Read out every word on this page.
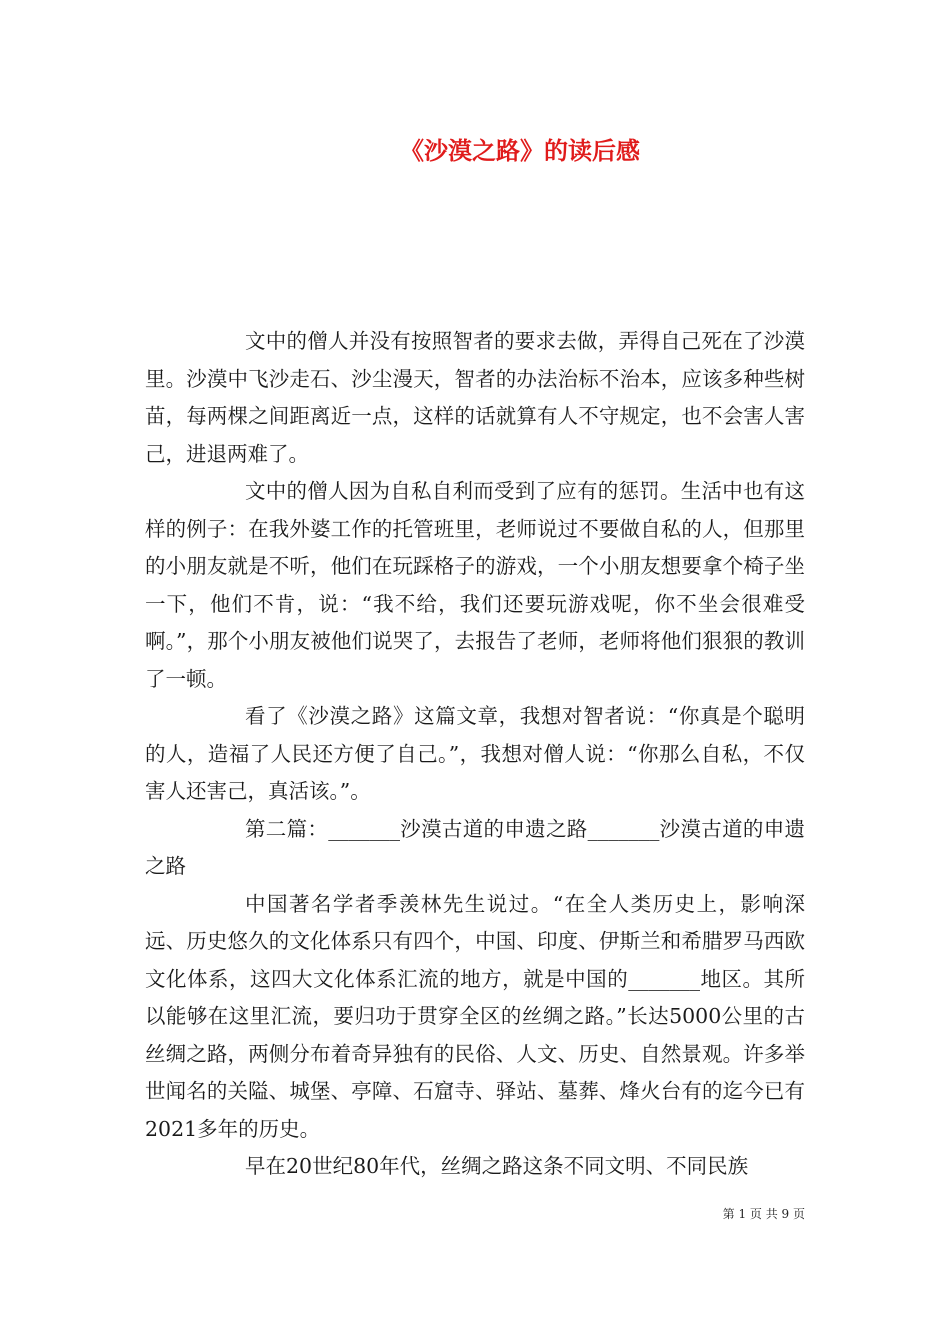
《沙漠之路》的读后感

文中的僧人并没有按照智者的要求去做，弄得自己死在了沙漠里。沙漠中飞沙走石、沙尘漫天，智者的办法治标不治本，应该多种些树苗，每两棵之间距离近一点，这样的话就算有人不守规定，也不会害人害己，进退两难了。

文中的僧人因为自私自利而受到了应有的惩罚。生活中也有这样的例子：在我外婆工作的托管班里，老师说过不要做自私的人，但那里的小朋友就是不听，他们在玩踩格子的游戏，一个小朋友想要拿个椅子坐一下，他们不肯，说：“我不给，我们还要玩游戏呢，你不坐会很难受啊。”，那个小朋友被他们说哭了，去报告了老师，老师将他们狠狠的教训了一顿。

看了《沙漠之路》这篇文章，我想对智者说：“你真是个聪明的人，造福了人民还方便了自己。”，我想对僧人说：“你那么自私，不仅害人还害己，真活该。”。

第二篇：_______沙漠古道的申遗之路_______沙漠古道的申遗之路

中国著名学者季羡林先生说过。“在全人类历史上，影响深远、历史悠久的文化体系只有四个，中国、印度、伊斯兰和希腊罗马西欧文化体系，这四大文化体系汇流的地方，就是中国的_______地区。其所以能够在这里汇流，要归功于贯穿全区的丝绸之路。”长达5000公里的古丝绸之路，两侧分布着奇异独有的民俗、人文、历史、自然景观。许多举世闻名的关隘、城堡、亭障、石窟寺、驿站、墓葬、烽火台有的迄今已有2021多年的历史。

早在20世纪80年代，丝绸之路这条不同文明、不同民族

第 1 页 共 9 页
